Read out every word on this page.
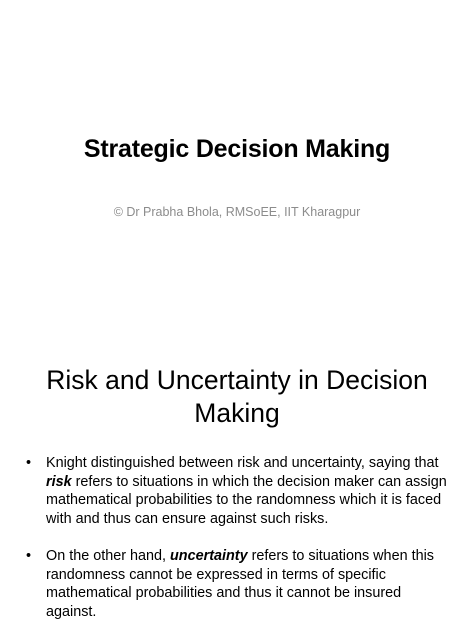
Strategic Decision Making
© Dr Prabha Bhola, RMSoEE, IIT Kharagpur
Risk and Uncertainty in Decision
Making
• Knight distinguished between risk and uncertainty, saying that risk refers to situations in which the decision maker can assign mathematical probabilities to the randomness which it is faced with and thus can ensure against such risks.
• On the other hand, uncertainty refers to situations when this randomness cannot be expressed in terms of specific mathematical probabilities and thus it cannot be insured against.
